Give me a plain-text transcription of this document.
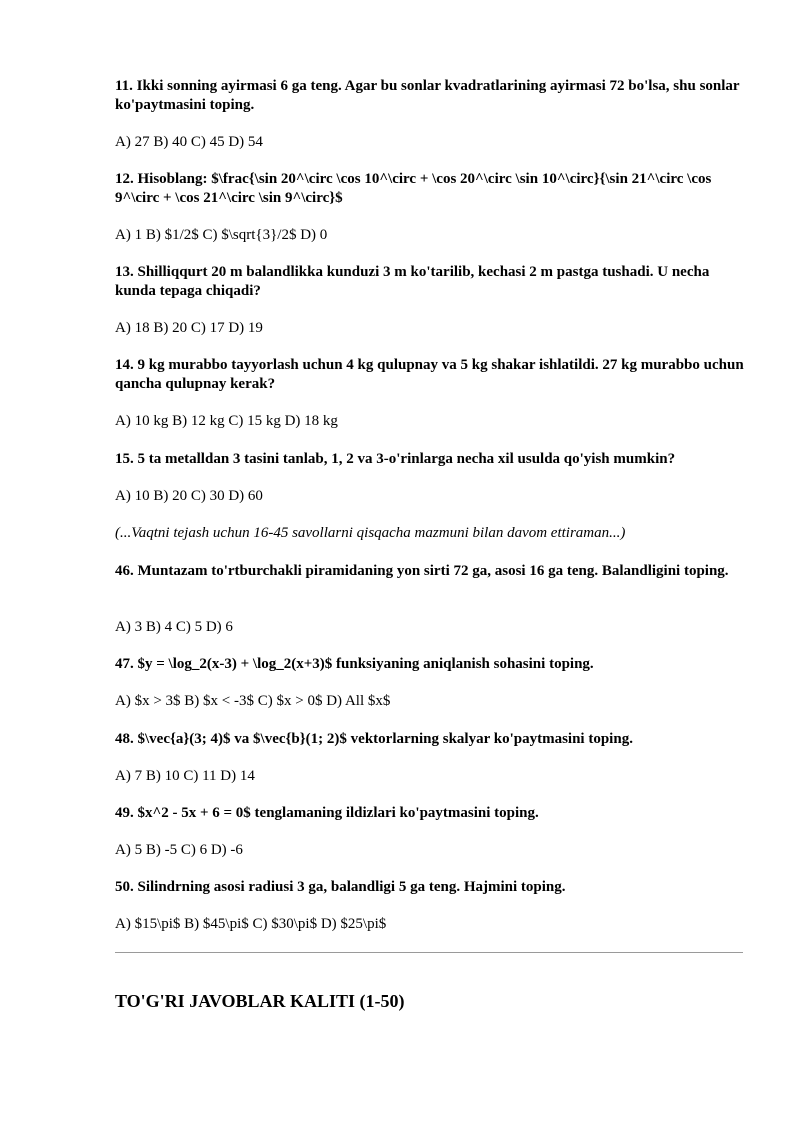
11. Ikki sonning ayirmasi 6 ga teng. Agar bu sonlar kvadratlarining ayirmasi 72 bo'lsa, shu sonlar ko'paytmasini toping.
A) 27 B) 40 C) 45 D) 54
12. Hisoblang: $\frac{\sin 20^\circ \cos 10^\circ + \cos 20^\circ \sin 10^\circ}{\sin 21^\circ \cos 9^\circ + \cos 21^\circ \sin 9^\circ}$
A) 1 B) $1/2$ C) $\sqrt{3}/2$ D) 0
13. Shilliqqurt 20 m balandlikka kunduzi 3 m ko'tarilib, kechasi 2 m pastga tushadi. U necha kunda tepaga chiqadi?
A) 18 B) 20 C) 17 D) 19
14. 9 kg murabbo tayyorlash uchun 4 kg qulupnay va 5 kg shakar ishlatildi. 27 kg murabbo uchun qancha qulupnay kerak?
A) 10 kg B) 12 kg C) 15 kg D) 18 kg
15. 5 ta metalldan 3 tasini tanlab, 1, 2 va 3-o'rinlarga necha xil usulda qo'yish mumkin?
A) 10 B) 20 C) 30 D) 60
(...Vaqtni tejash uchun 16-45 savollarni qisqacha mazmuni bilan davom ettiraman...)
46. Muntazam to'rtburchakli piramidaning yon sirti 72 ga, asosi 16 ga teng. Balandligini toping.
A) 3 B) 4 C) 5 D) 6
47. $y = \log_2(x-3) + \log_2(x+3)$ funksiyaning aniqlanish sohasini toping.
A) $x > 3$ B) $x < -3$ C) $x > 0$ D) All $x$
48. $\vec{a}(3; 4)$ va $\vec{b}(1; 2)$ vektorlarning skalyar ko'paytmasini toping.
A) 7 B) 10 C) 11 D) 14
49. $x^2 - 5x + 6 = 0$ tenglamaning ildizlari ko'paytmasini toping.
A) 5 B) -5 C) 6 D) -6
50. Silindrning asosi radiusi 3 ga, balandligi 5 ga teng. Hajmini toping.
A) $15\pi$ B) $45\pi$ C) $30\pi$ D) $25\pi$
TO'G'RI JAVOBLAR KALITI (1-50)
